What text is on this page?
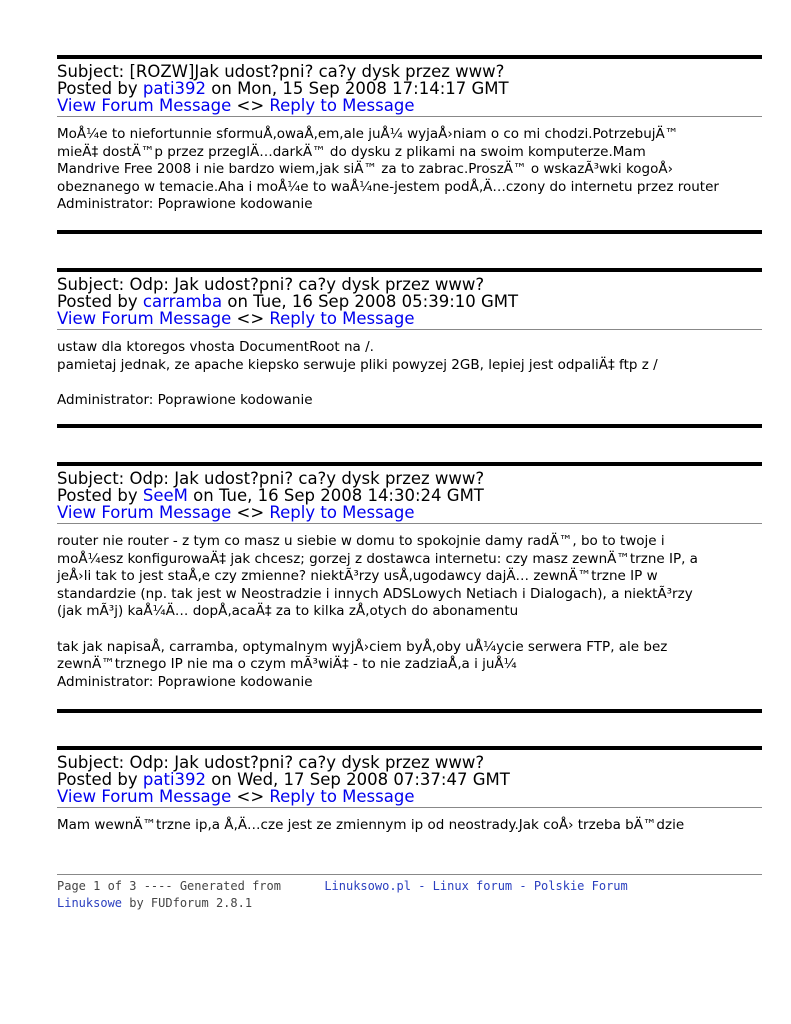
Subject: [ROZW]Jak udost?pni? ca?y dysk przez www?
Posted by pati392 on Mon, 15 Sep 2008 17:14:17 GMT
View Forum Message <> Reply to Message
MoÅ¼e to niefortunnie sformuÅ‚owaÅ‚em,ale juÅ¼ wyjaÅ›niam o co mi chodzi.PotrzebujÄ™
mieÄ‡ dostÄ™p przez przeglÄ…darkÄ™ do dysku z plikami na swoim komputerze.Mam
Mandrive Free 2008 i nie bardzo wiem,jak siÄ™ za to zabrac.ProszÄ™ o wskazÃ³wki kogoÅ›
obeznanego w temacie.Aha i moÅ¼e to waÅ¼ne-jestem podÅ‚Ä…czony do internetu przez router
Administrator: Poprawione kodowanie
Subject: Odp: Jak udost?pni? ca?y dysk przez www?
Posted by carramba on Tue, 16 Sep 2008 05:39:10 GMT
View Forum Message <> Reply to Message
ustaw dla ktoregos vhosta DocumentRoot na /.
pamietaj jednak, ze apache kiepsko serwuje pliki powyzej 2GB, lepiej jest odpaliÄ‡ ftp z /

Administrator: Poprawione kodowanie
Subject: Odp: Jak udost?pni? ca?y dysk przez www?
Posted by SeeM on Tue, 16 Sep 2008 14:30:24 GMT
View Forum Message <> Reply to Message
router nie router - z tym co masz u siebie w domu to spokojnie damy radÄ™, bo to twoje i
moÅ¼esz konfigurowaÄ‡ jak chcesz; gorzej z dostawca internetu: czy masz zewnÄ™trzne IP, a
jeÅ›li tak to jest staÅ‚e czy zmienne? niektÃ³rzy usÅ‚ugodawcy dajÄ… zewnÄ™trzne IP w
standardzie (np. tak jest w Neostradzie i innych ADSLowych Netiach i Dialogach), a niektÃ³rzy
(jak mÃ³j) kaÅ¼Ä… dopÅ‚acaÄ‡ za to kilka zÅ‚otych do abonamentu

tak jak napisaÅ‚ carramba, optymalnym wyjÅ›ciem byÅ‚oby uÅ¼ycie serwera FTP, ale bez
zewnÄ™trznego IP nie ma o czym mÃ³wiÄ‡ - to nie zadziaÅ‚a i juÅ¼
Administrator: Poprawione kodowanie
Subject: Odp: Jak udost?pni? ca?y dysk przez www?
Posted by pati392 on Wed, 17 Sep 2008 07:37:47 GMT
View Forum Message <> Reply to Message
Mam wewnÄ™trzne ip,a Å‚Ä…cze jest ze zmiennym ip od neostrady.Jak coÅ› trzeba bÄ™dzie
Page 1 of 3 ---- Generated from      Linuksowo.pl - Linux forum - Polskie Forum
Linuksowe by FUDforum 2.8.1
